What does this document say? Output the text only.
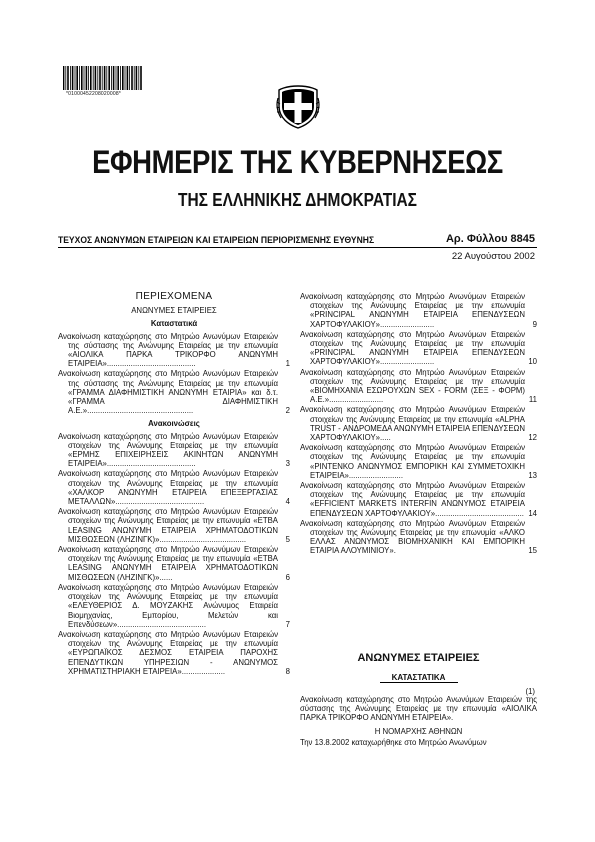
*01000452208020008*
ΕΦΗΜΕΡΙΣ ΤΗΣ ΚΥΒΕΡΝΗΣΕΩΣ
ΤΗΣ ΕΛΛΗΝΙΚΗΣ ΔΗΜΟΚΡΑΤΙΑΣ
ΤΕΥΧΟΣ ΑΝΩΝΥΜΩΝ ΕΤΑΙΡΕΙΩΝ ΚΑΙ ΕΤΑΙΡΕΙΩΝ ΠΕΡΙΟΡΙΣΜΕΝΗΣ ΕΥΘΥΝΗΣ	Αρ. Φύλλου 8845
22 Αυγούστου 2002
ΠΕΡΙΕΧΟΜΕΝΑ
ΑΝΩΝΥΜΕΣ ΕΤΑΙΡΕΙΕΣ
Καταστατικά
Ανακοίνωση καταχώρησης στο Μητρώο Ανωνύμων Εταιρειών της σύστασης της Ανώνυμης Εταιρείας με την επωνυμία «ΑΙΟΛΙΚΑ ΠΑΡΚΑ ΤΡΙΚΟΡΦΟ ΑΝΩΝΥΜΗ ΕΤΑΙΡΕΙΑ».........................................	1
Ανακοίνωση καταχώρησης στο Μητρώο Ανωνύμων Εταιρειών της σύστασης της Ανώνυμης Εταιρείας με την επωνυμία «ΓΡΑΜΜΑ ΔΙΑΦΗΜΙΣΤΙΚΗ ΑΝΩΝΥΜΗ ΕΤΑΙΡΙΑ» και δ.τ. «ΓΡΑΜΜΑ ΔΙΑΦΗΜΙΣΤΙΚΗ Α.Ε.».................................................	2
Ανακοινώσεις
Ανακοίνωση καταχώρησης στο Μητρώο Ανωνύμων Εταιρειών στοιχείων της Ανώνυμης Εταιρείας με την επωνυμία «ΕΡΜΗΣ ΕΠΙΧΕΙΡΗΣΕΙΣ ΑΚΙΝΗΤΩΝ ΑΝΩΝΥΜΗ ΕΤΑΙΡΕΙΑ».........................................	3
Ανακοίνωση καταχώρησης στο Μητρώο Ανωνύμων Εταιρειών στοιχείων της Ανώνυμης Εταιρείας με την επωνυμία «ΧΑΛΚΟΡ ΑΝΩΝΥΜΗ ΕΤΑΙΡΕΙΑ ΕΠΕΞΕΡΓΑΣΙΑΣ ΜΕΤΑΛΛΩΝ».........................................	4
Ανακοίνωση καταχώρησης στο Μητρώο Ανωνύμων Εταιρειών στοιχείων της Ανώνυμης Εταιρείας με την επωνυμία «ΕΤΒΑ LEASING ΑΝΩΝΥΜΗ ΕΤΑΙΡΕΙΑ ΧΡΗΜΑΤΟΔΟΤΙΚΩΝ ΜΙΣΘΩΣΕΩΝ (ΛΗΖΙΝΓΚ)»........................................	5
Ανακοίνωση καταχώρησης στο Μητρώο Ανωνύμων Εταιρειών στοιχείων της Ανώνυμης Εταιρείας με την επωνυμία «ΕΤΒΑ LEASING ΑΝΩΝΥΜΗ ΕΤΑΙΡΕΙΑ ΧΡΗΜΑΤΟΔΟΤΙΚΩΝ ΜΙΣΘΩΣΕΩΝ (ΛΗΖΙΝΓΚ)»......	6
Ανακοίνωση καταχώρησης στο Μητρώο Ανωνύμων Εταιρειών στοιχείων της Ανώνυμης Εταιρείας με την επωνυμία «ΕΛΕΥΘΕΡΙΟΣ Δ. ΜΟΥΖΑΚΗΣ Ανώνυμος Εταιρεία Βιομηχανίας, Εμπορίου, Μελετών και Επενδύσεων».........................................	7
Ανακοίνωση καταχώρησης στο Μητρώο Ανωνύμων Εταιρειών στοιχείων της Ανώνυμης Εταιρείας με την επωνυμία «ΕΥΡΩΠΑΪΚΟΣ ΔΕΣΜΟΣ ΕΤΑΙΡΕΙΑ ΠΑΡΟΧΗΣ ΕΠΕΝΔΥΤΙΚΩΝ ΥΠΗΡΕΣΙΩΝ - ΑΝΩΝΥΜΟΣ ΧΡΗΜΑΤΙΣΤΗΡΙΑΚΗ ΕΤΑΙΡΕΙΑ»....................	8
Ανακοίνωση καταχώρησης στο Μητρώο Ανωνύμων Εταιρειών στοιχείων της Ανώνυμης Εταιρείας με την επωνυμία «PRINCIPAL ΑΝΩΝΥΜΗ ΕΤΑΙΡΕΙΑ ΕΠΕΝΔΥΣΕΩΝ ΧΑΡΤΟΦΥΛΑΚΙΟΥ».........................	9
Ανακοίνωση καταχώρησης στο Μητρώο Ανωνύμων Εταιρειών στοιχείων της Ανώνυμης Εταιρείας με την επωνυμία «PRINCIPAL ΑΝΩΝΥΜΗ ΕΤΑΙΡΕΙΑ ΕΠΕΝΔΥΣΕΩΝ ΧΑΡΤΟΦΥΛΑΚΙΟΥ».........................	10
Ανακοίνωση καταχώρησης στο Μητρώο Ανωνύμων Εταιρειών στοιχείων της Ανώνυμης Εταιρείας με την επωνυμία «ΒΙΟΜΗΧΑΝΙΑ ΕΣΩΡΟΥΧΩΝ SEX - FORM (ΣΕΞ - ΦΟΡΜ) Α.Ε.».........................	11
Ανακοίνωση καταχώρησης στο Μητρώο Ανωνύμων Εταιρειών στοιχείων της Ανώνυμης Εταιρείας με την επωνυμία «ALPHA TRUST - ΑΝΔΡΟΜΕΔΑ ΑΝΩΝΥΜΗ ΕΤΑΙΡΕΙΑ ΕΠΕΝΔΥΣΕΩΝ ΧΑΡΤΟΦΥΛΑΚΙΟΥ».....	12
Ανακοίνωση καταχώρησης στο Μητρώο Ανωνύμων Εταιρειών στοιχείων της Ανώνυμης Εταιρείας με την επωνυμία «ΡΙΝΤΕΝΚΟ ΑΝΩΝΥΜΟΣ ΕΜΠΟΡΙΚΗ ΚΑΙ ΣΥΜΜΕΤΟΧΙΚΗ ΕΤΑΙΡΕΙΑ».........................	13
Ανακοίνωση καταχώρησης στο Μητρώο Ανωνύμων Εταιρειών στοιχείων της Ανώνυμης Εταιρείας με την επωνυμία «EFFICIENT MARKETS INTERFIN ΑΝΩΝΥΜΟΣ ΕΤΑΙΡΕΙΑ ΕΠΕΝΔΥΣΕΩΝ ΧΑΡΤΟΦΥΛΑΚΙΟΥ»......................................... 14
Ανακοίνωση καταχώρησης στο Μητρώο Ανωνύμων Εταιρειών στοιχείων της Ανώνυμης Εταιρείας με την επωνυμία «ΑΛΚΟ ΕΛΛΑΣ ΑΝΩΝΥΜΟΣ ΒΙΟΜΗΧΑΝΙΚΗ ΚΑΙ ΕΜΠΟΡΙΚΗ ΕΤΑΙΡΙΑ ΑΛΟΥΜΙΝΙΟΥ».	15
ΑΝΩΝΥΜΕΣ ΕΤΑΙΡΕΙΕΣ
ΚΑΤΑΣΤΑΤΙΚΑ
(1)
Ανακοίνωση καταχώρησης στο Μητρώο Ανωνύμων Εταιρειών της σύστασης της Ανώνυμης Εταιρείας με την επωνυμία «ΑΙΟΛΙΚΑ ΠΑΡΚΑ ΤΡΙΚΟΡΦΟ ΑΝΩΝΥΜΗ ΕΤΑΙΡΕΙΑ».
Η ΝΟΜΑΡΧΗΣ ΑΘΗΝΩΝ
Την 13.8.2002 καταχωρήθηκε στο Μητρώο Ανωνύμων
